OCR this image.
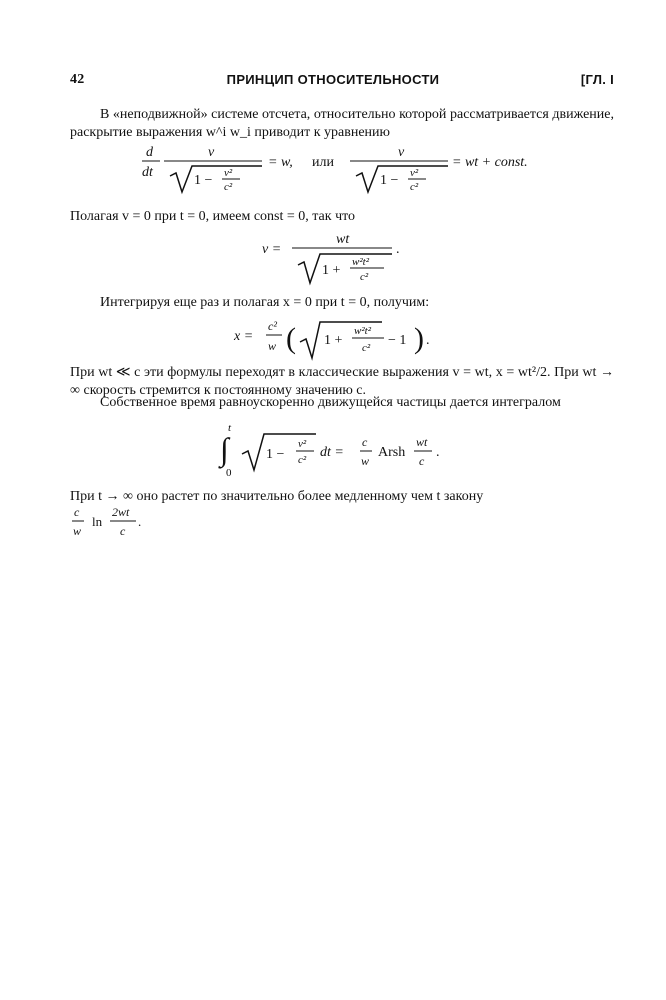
42	ПРИНЦИП ОТНОСИТЕЛЬНОСТИ	[ГЛ. I
В «неподвижной» системе отсчета, относительно которой рассматривается движение, раскрытие выражения w^i w_i приводит к уравнению
d
dt
v
1 − v²
c²
= w, или
v
1 − v²
c²
= wt + const.
Полагая v = 0 при t = 0, имеем const = 0, так что
v =
wt
1 +
w²t²
c²
.
Интегрируя еще раз и полагая x = 0 при t = 0, получим:
x =
c²
w ( 1 +
w²t²
c² − 1 ) .
При wt ≪ c эти формулы переходят в классические выражения v = wt, x = wt²/2. При wt → ∞ скорость стремится к постоянному значению c.
Собственное время равноускоренно движущейся частицы дается интегралом
t
∫
0
1 −
v²
c² dt =
c
w
Arsh
wt
c
.
При t → ∞ оно растет по значительно более медленному чем t закону
c
w
ln
2wt
c
.
